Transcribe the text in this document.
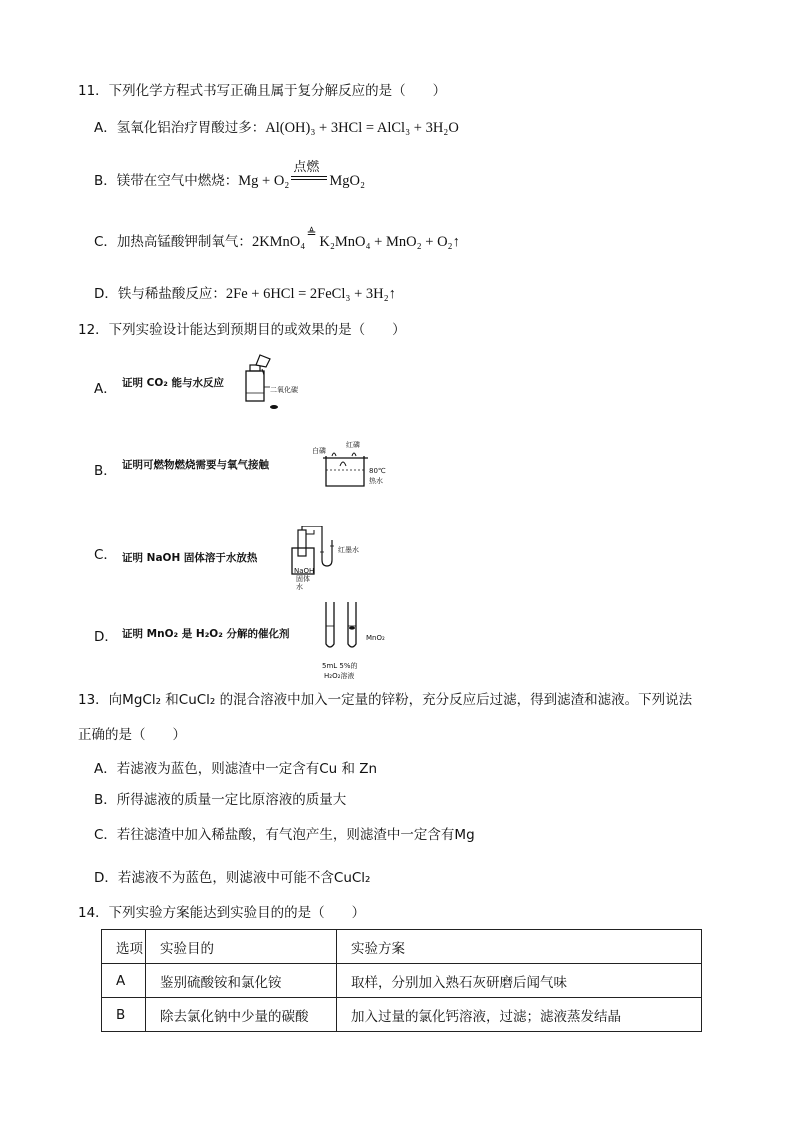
11．下列化学方程式书写正确且属于复分解反应的是（　　）
A．氢氧化铝治疗胃酸过多：Al(OH)₃ + 3HCl = AlCl₃ + 3H₂O
B．镁带在空气中燃烧：Mg + O₂
点燃
MgO₂
C．加热高锰酸钾制氧气：2KMnO₄
≜
K₂MnO₄ + MnO₂ + O₂↑
D．铁与稀盐酸反应：2Fe + 6HCl = 2FeCl₃ + 3H₂↑
12．下列实验设计能达到预期目的或效果的是（　　）
A． 证明 CO₂ 能与水反应
二氧化碳
B． 证明可燃物燃烧需要与氧气接触
白磷
红磷
80℃
热水
C． 证明 NaOH 固体溶于水放热
红墨水
NaOH
固体
水
D． 证明 MnO₂ 是 H₂O₂ 分解的催化剂	MnO₂
5mL 5%的
H₂O₂溶液
13．向MgCl₂ 和CuCl₂ 的混合溶液中加入一定量的锌粉，充分反应后过滤，得到滤渣和滤液。下列说法
正确的是（　　）
A．若滤液为蓝色，则滤渣中一定含有Cu 和 Zn
B．所得滤液的质量一定比原溶液的质量大
C．若往滤渣中加入稀盐酸，有气泡产生，则滤渣中一定含有Mg
D．若滤液不为蓝色，则滤液中可能不含CuCl₂
14．下列实验方案能达到实验目的的是（　　）
选项	实验目的	实验方案
A	鉴别硫酸铵和氯化铵	取样，分别加入熟石灰研磨后闻气味
B	除去氯化钠中少量的碳酸	加入过量的氯化钙溶液，过滤；滤液蒸发结晶
